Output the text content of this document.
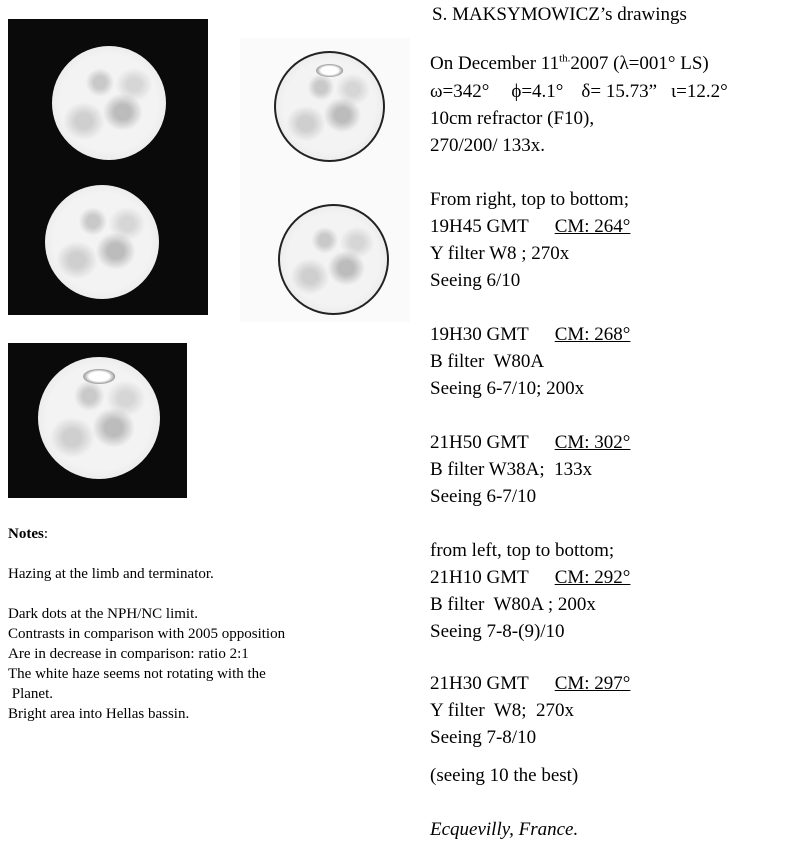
Notes:
Hazing at the limb and terminator.
Dark dots at the NPH/NC limit.
Contrasts in comparison with 2005 opposition
Are in decrease in comparison: ratio 2:1
The white haze seems not rotating with the
Planet.
Bright area into Hellas bassin.
S. MAKSYMOWICZ’s drawings
On December $11^{th.}2007$ (λ=001° LS)
ω=342° ϕ=4.1° δ= 15.73” ι=12.2°
10cm refractor (F10),
270/200/ 133x.
From right, top to bottom;
19H45 GMT CM: 264°
Y filter W8 ; 270x
Seeing 6/10
19H30 GMT CM: 268°
B filter  W80A
Seeing 6-7/10; 200x
21H50 GMT CM: 302°
B filter W38A;  133x
Seeing 6-7/10
from left, top to bottom;
21H10 GMT CM: 292°
B filter  W80A ; 200x
Seeing 7-8-(9)/10
21H30 GMT CM: 297°
Y filter  W8;  270x
Seeing 7-8/10
(seeing 10 the best)
Ecquevilly, France.
